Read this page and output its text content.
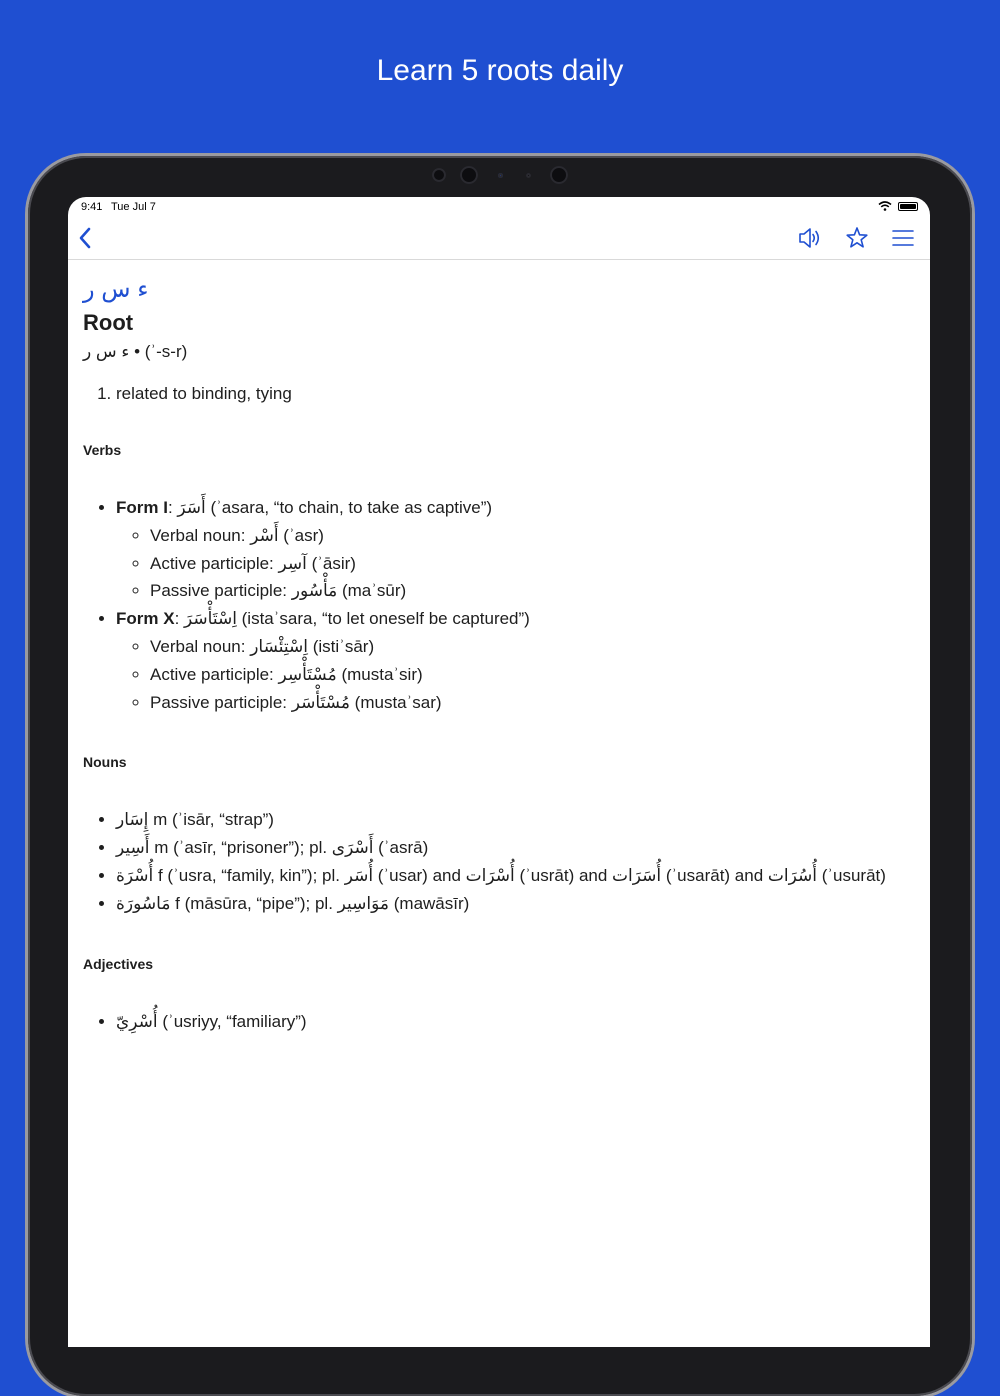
Learn 5 roots daily
9:41 Tue Jul 7
ء س ر
Root
ء س ر • (ʾ-s-r)
1. related to binding, tying
Verbs
• Form I: أَسَرَ (ʾasara, “to chain, to take as captive”)
◦ Verbal noun: أَسْر (ʾasr)
◦ Active participle: آسِر (ʾāsir)
◦ Passive participle: مَأْسُور (maʾsūr)
• Form X: اِسْتَأْسَرَ (istaʾsara, “to let oneself be captured”)
◦ Verbal noun: اِسْتِئْسَار (istiʾsār)
◦ Active participle: مُسْتَأْسِر (mustaʾsir)
◦ Passive participle: مُسْتَأْسَر (mustaʾsar)
Nouns
• إِسَار m (ʾisār, “strap”)
• أَسِير m (ʾasīr, “prisoner”); pl. أَسْرَى (ʾasrā)
• أُسْرَة f (ʾusra, “family, kin”); pl. أُسَر (ʾusar) and أُسْرَات (ʾusrāt) and أُسَرَات (ʾusarāt) and أُسُرَات (ʾusurāt)
• مَاسُورَة f (māsūra, “pipe”); pl. مَوَاسِير (mawāsīr)
Adjectives
• أُسْرِيّ (ʾusriyy, “familiary”)
